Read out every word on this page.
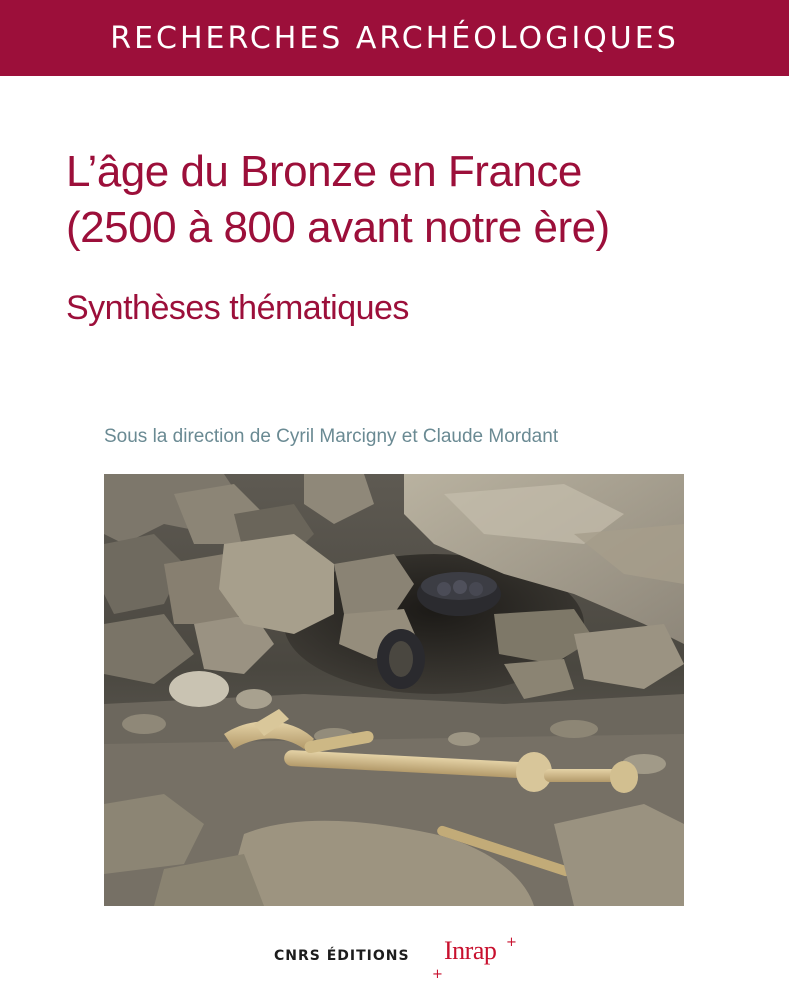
RECHERCHES ARCHÉOLOGIQUES
L’âge du Bronze en France
(2500 à 800 avant notre ère)
Synthèses thématiques
Sous la direction de Cyril Marcigny et Claude Mordant
CNRS ÉDITIONS Inrap +
+
